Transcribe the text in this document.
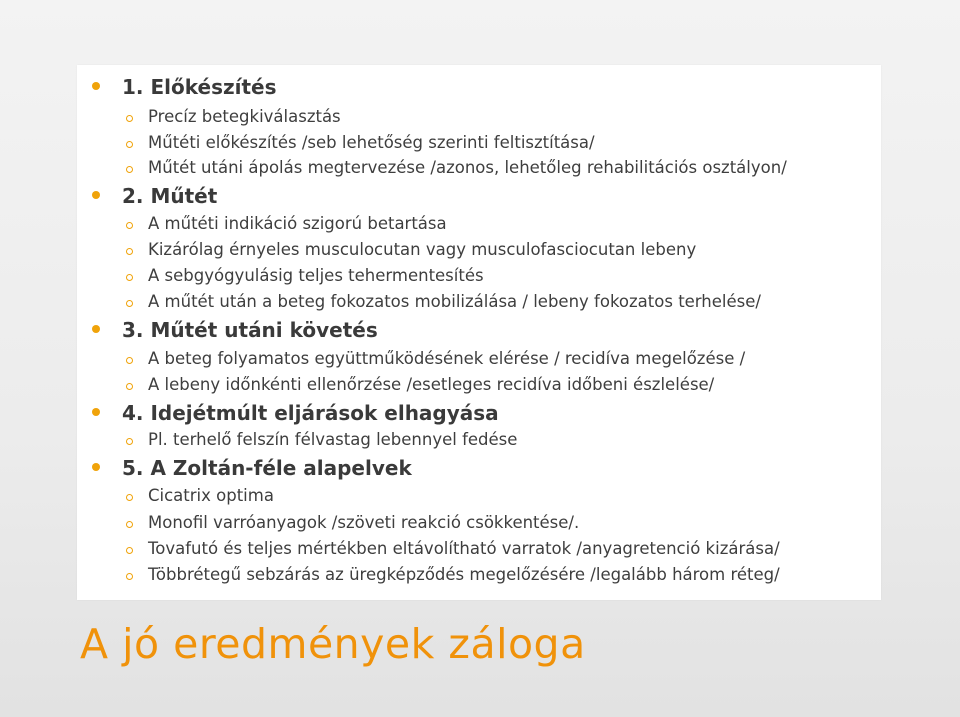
1. Előkészítés
Precíz betegkiválasztás
Műtéti előkészítés /seb lehetőség szerinti feltisztítása/
Műtét utáni ápolás megtervezése /azonos, lehetőleg rehabilitációs osztályon/
2. Műtét
A műtéti indikáció szigorú betartása
Kizárólag érnyeles musculocutan vagy musculofasciocutan lebeny
A sebgyógyulásig teljes tehermentesítés
A műtét után a beteg fokozatos mobilizálása / lebeny fokozatos terhelése/
3. Műtét utáni követés
A beteg folyamatos együttműködésének elérése / recidíva megelőzése /
A lebeny időnkénti ellenőrzése /esetleges recidíva időbeni észlelése/
4. Idejétmúlt eljárások elhagyása
Pl. terhelő felszín félvastag lebennyel fedése
5. A Zoltán-féle alapelvek
Cicatrix optima
Monofil varróanyagok /szöveti reakció csökkentése/.
Tovafutó és teljes mértékben eltávolítható varratok /anyagretenció kizárása/
Többrétegű sebzárás az üregképződés megelőzésére /legalább három réteg/
A jó eredmények záloga
